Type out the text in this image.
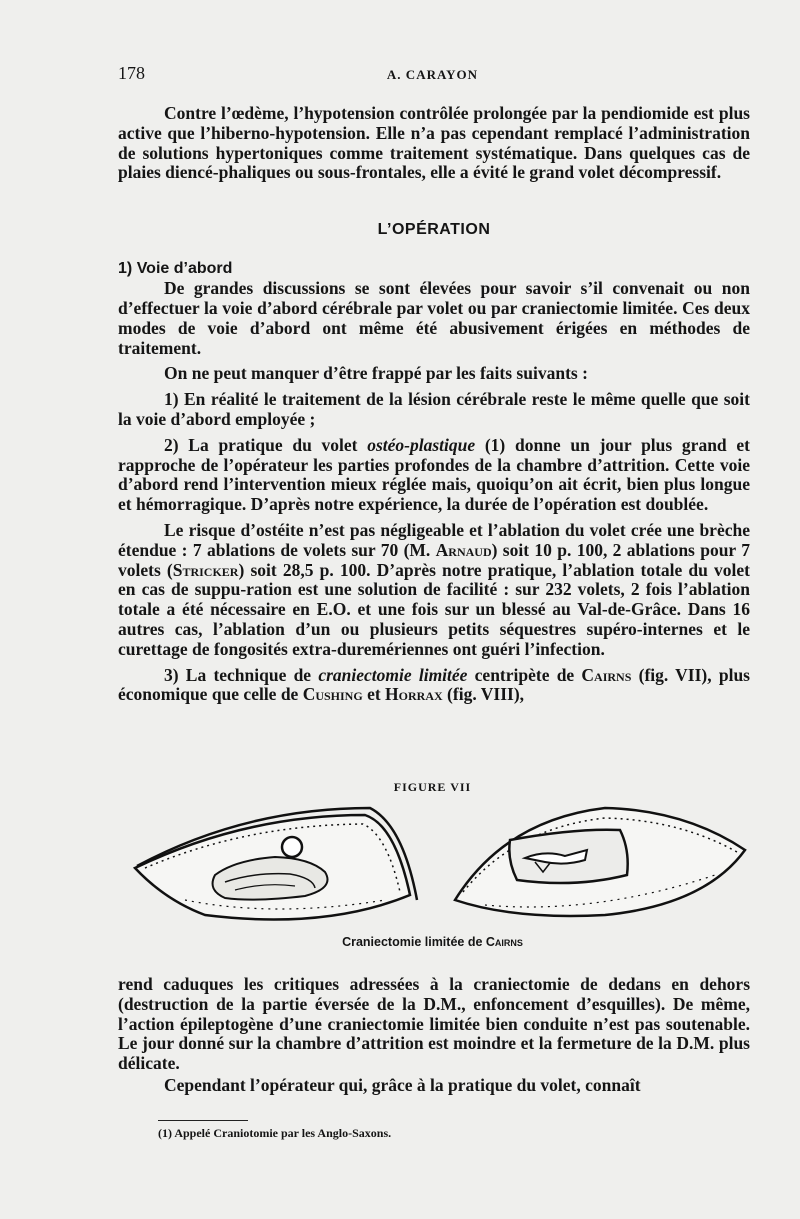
178	A. CARAYON

Contre l’œdème, l’hypotension contrôlée prolongée par la pendiomide est plus active que l’hiberno-hypotension. Elle n’a pas cependant remplacé l’administration de solutions hypertoniques comme traitement systématique. Dans quelques cas de plaies diencé-phaliques ou sous-frontales, elle a évité le grand volet décompressif.

L’OPÉRATION
1) Voie d’abord

De grandes discussions se sont élevées pour savoir s’il convenait ou non d’effectuer la voie d’abord cérébrale par volet ou par craniectomie limitée. Ces deux modes de voie d’abord ont même été abusivement érigées en méthodes de traitement.

On ne peut manquer d’être frappé par les faits suivants :

1) En réalité le traitement de la lésion cérébrale reste le même quelle que soit la voie d’abord employée ;

2) La pratique du volet ostéo-plastique (1) donne un jour plus grand et rapproche de l’opérateur les parties profondes de la chambre d’attrition. Cette voie d’abord rend l’intervention mieux réglée mais, quoiqu’on ait écrit, bien plus longue et hémorragique. D’après notre expérience, la durée de l’opération est doublée.

Le risque d’ostéite n’est pas négligeable et l’ablation du volet crée une brèche étendue : 7 ablations de volets sur 70 (M. Arnaud) soit 10 p. 100, 2 ablations pour 7 volets (Stricker) soit 28,5 p. 100. D’après notre pratique, l’ablation totale du volet en cas de suppu-ration est une solution de facilité : sur 232 volets, 2 fois l’ablation totale a été nécessaire en E.O. et une fois sur un blessé au Val-de-Grâce. Dans 16 autres cas, l’ablation d’un ou plusieurs petits séquestres supéro-internes et le curettage de fongosités extra-duremériennes ont guéri l’infection.

3) La technique de craniectomie limitée centripète de Cairns (fig. VII), plus économique que celle de Cushing et Horrax (fig. VIII),

FIGURE VII
Craniectomie limitée de Cairns

rend caduques les critiques adressées à la craniectomie de dedans en dehors (destruction de la partie éversée de la D.M., enfoncement d’esquilles). De même, l’action épileptogène d’une craniectomie limitée bien conduite n’est pas soutenable. Le jour donné sur la chambre d’attrition est moindre et la fermeture de la D.M. plus délicate.

Cependant l’opérateur qui, grâce à la pratique du volet, connaît

(1) Appelé Craniotomie par les Anglo-Saxons.
